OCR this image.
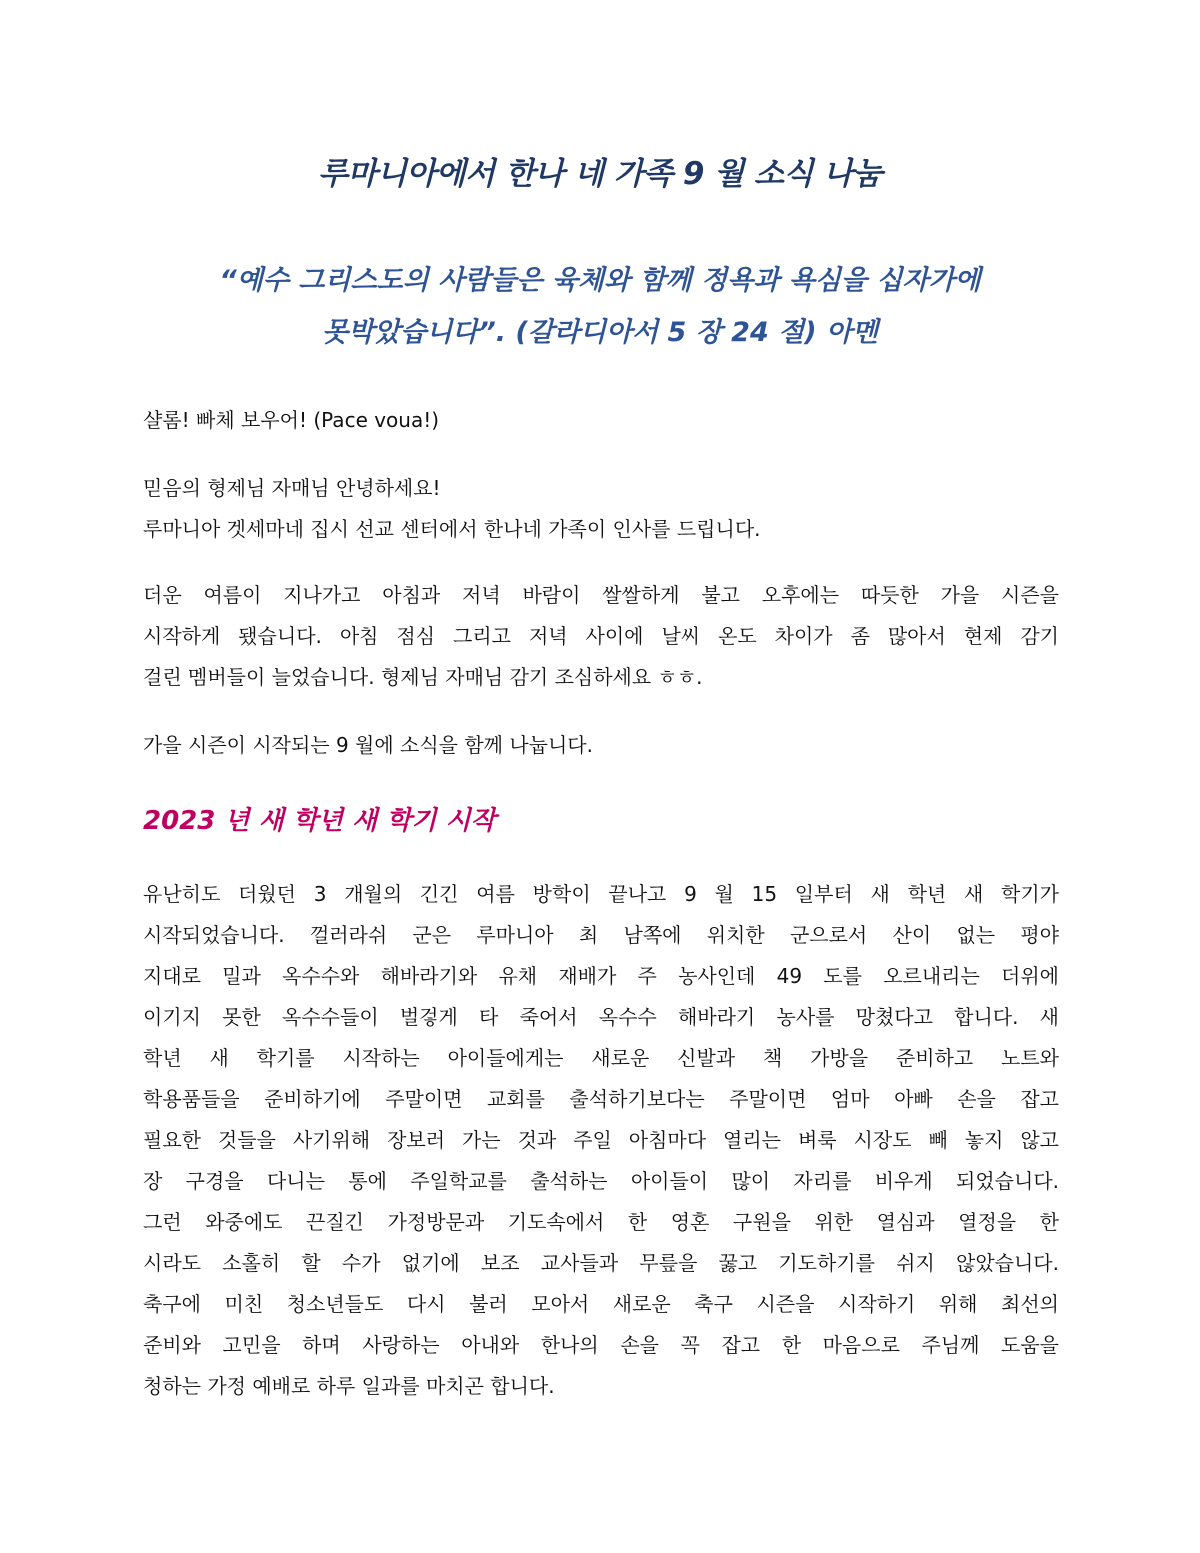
루마니아에서 한나 네 가족 9 월 소식 나눔
“예수 그리스도의 사람들은 육체와 함께 정욕과 욕심을 십자가에
못박았습니다”. (갈라디아서 5 장 24 절) 아멘

샬롬! 빠체 보우어! (Pace voua!)

믿음의 형제님 자매님 안녕하세요!

루마니아 겟세마네 집시 선교 센터에서 한나네 가족이 인사를 드립니다.

더운 여름이 지나가고 아침과 저녁 바람이 쌀쌀하게 불고 오후에는 따듯한 가을 시즌을

시작하게 됐습니다. 아침 점심 그리고 저녁 사이에 날씨 온도 차이가 좀 많아서 현제 감기

걸린 멤버들이 늘었습니다. 형제님 자매님 감기 조심하세요 ㅎㅎ.

가을 시즌이 시작되는 9 월에 소식을 함께 나눕니다.

2023 년 새 학년 새 학기 시작

유난히도 더웠던 3 개월의 긴긴 여름 방학이 끝나고 9 월 15 일부터 새 학년 새 학기가

시작되었습니다. 껄러라쉬 군은 루마니아 최 남쪽에 위치한 군으로서 산이 없는 평야

지대로 밀과 옥수수와 해바라기와 유채 재배가 주 농사인데 49 도를 오르내리는 더위에

이기지 못한 옥수수들이 벌겋게 타 죽어서 옥수수 해바라기 농사를 망쳤다고 합니다. 새

학년 새 학기를 시작하는 아이들에게는 새로운 신발과 책 가방을 준비하고 노트와

학용품들을 준비하기에 주말이면 교회를 출석하기보다는 주말이면 엄마 아빠 손을 잡고

필요한 것들을 사기위해 장보러 가는 것과 주일 아침마다 열리는 벼룩 시장도 빼 놓지 않고

장 구경을 다니는 통에 주일학교를 출석하는 아이들이 많이 자리를 비우게 되었습니다.

그런 와중에도 끈질긴 가정방문과 기도속에서 한 영혼 구원을 위한 열심과 열정을 한

시라도 소홀히 할 수가 없기에 보조 교사들과 무릎을 꿇고 기도하기를 쉬지 않았습니다.

축구에 미친 청소년들도 다시 불러 모아서 새로운 축구 시즌을 시작하기 위해 최선의

준비와 고민을 하며 사랑하는 아내와 한나의 손을 꼭 잡고 한 마음으로 주님께 도움을

청하는 가정 예배로 하루 일과를 마치곤 합니다.
